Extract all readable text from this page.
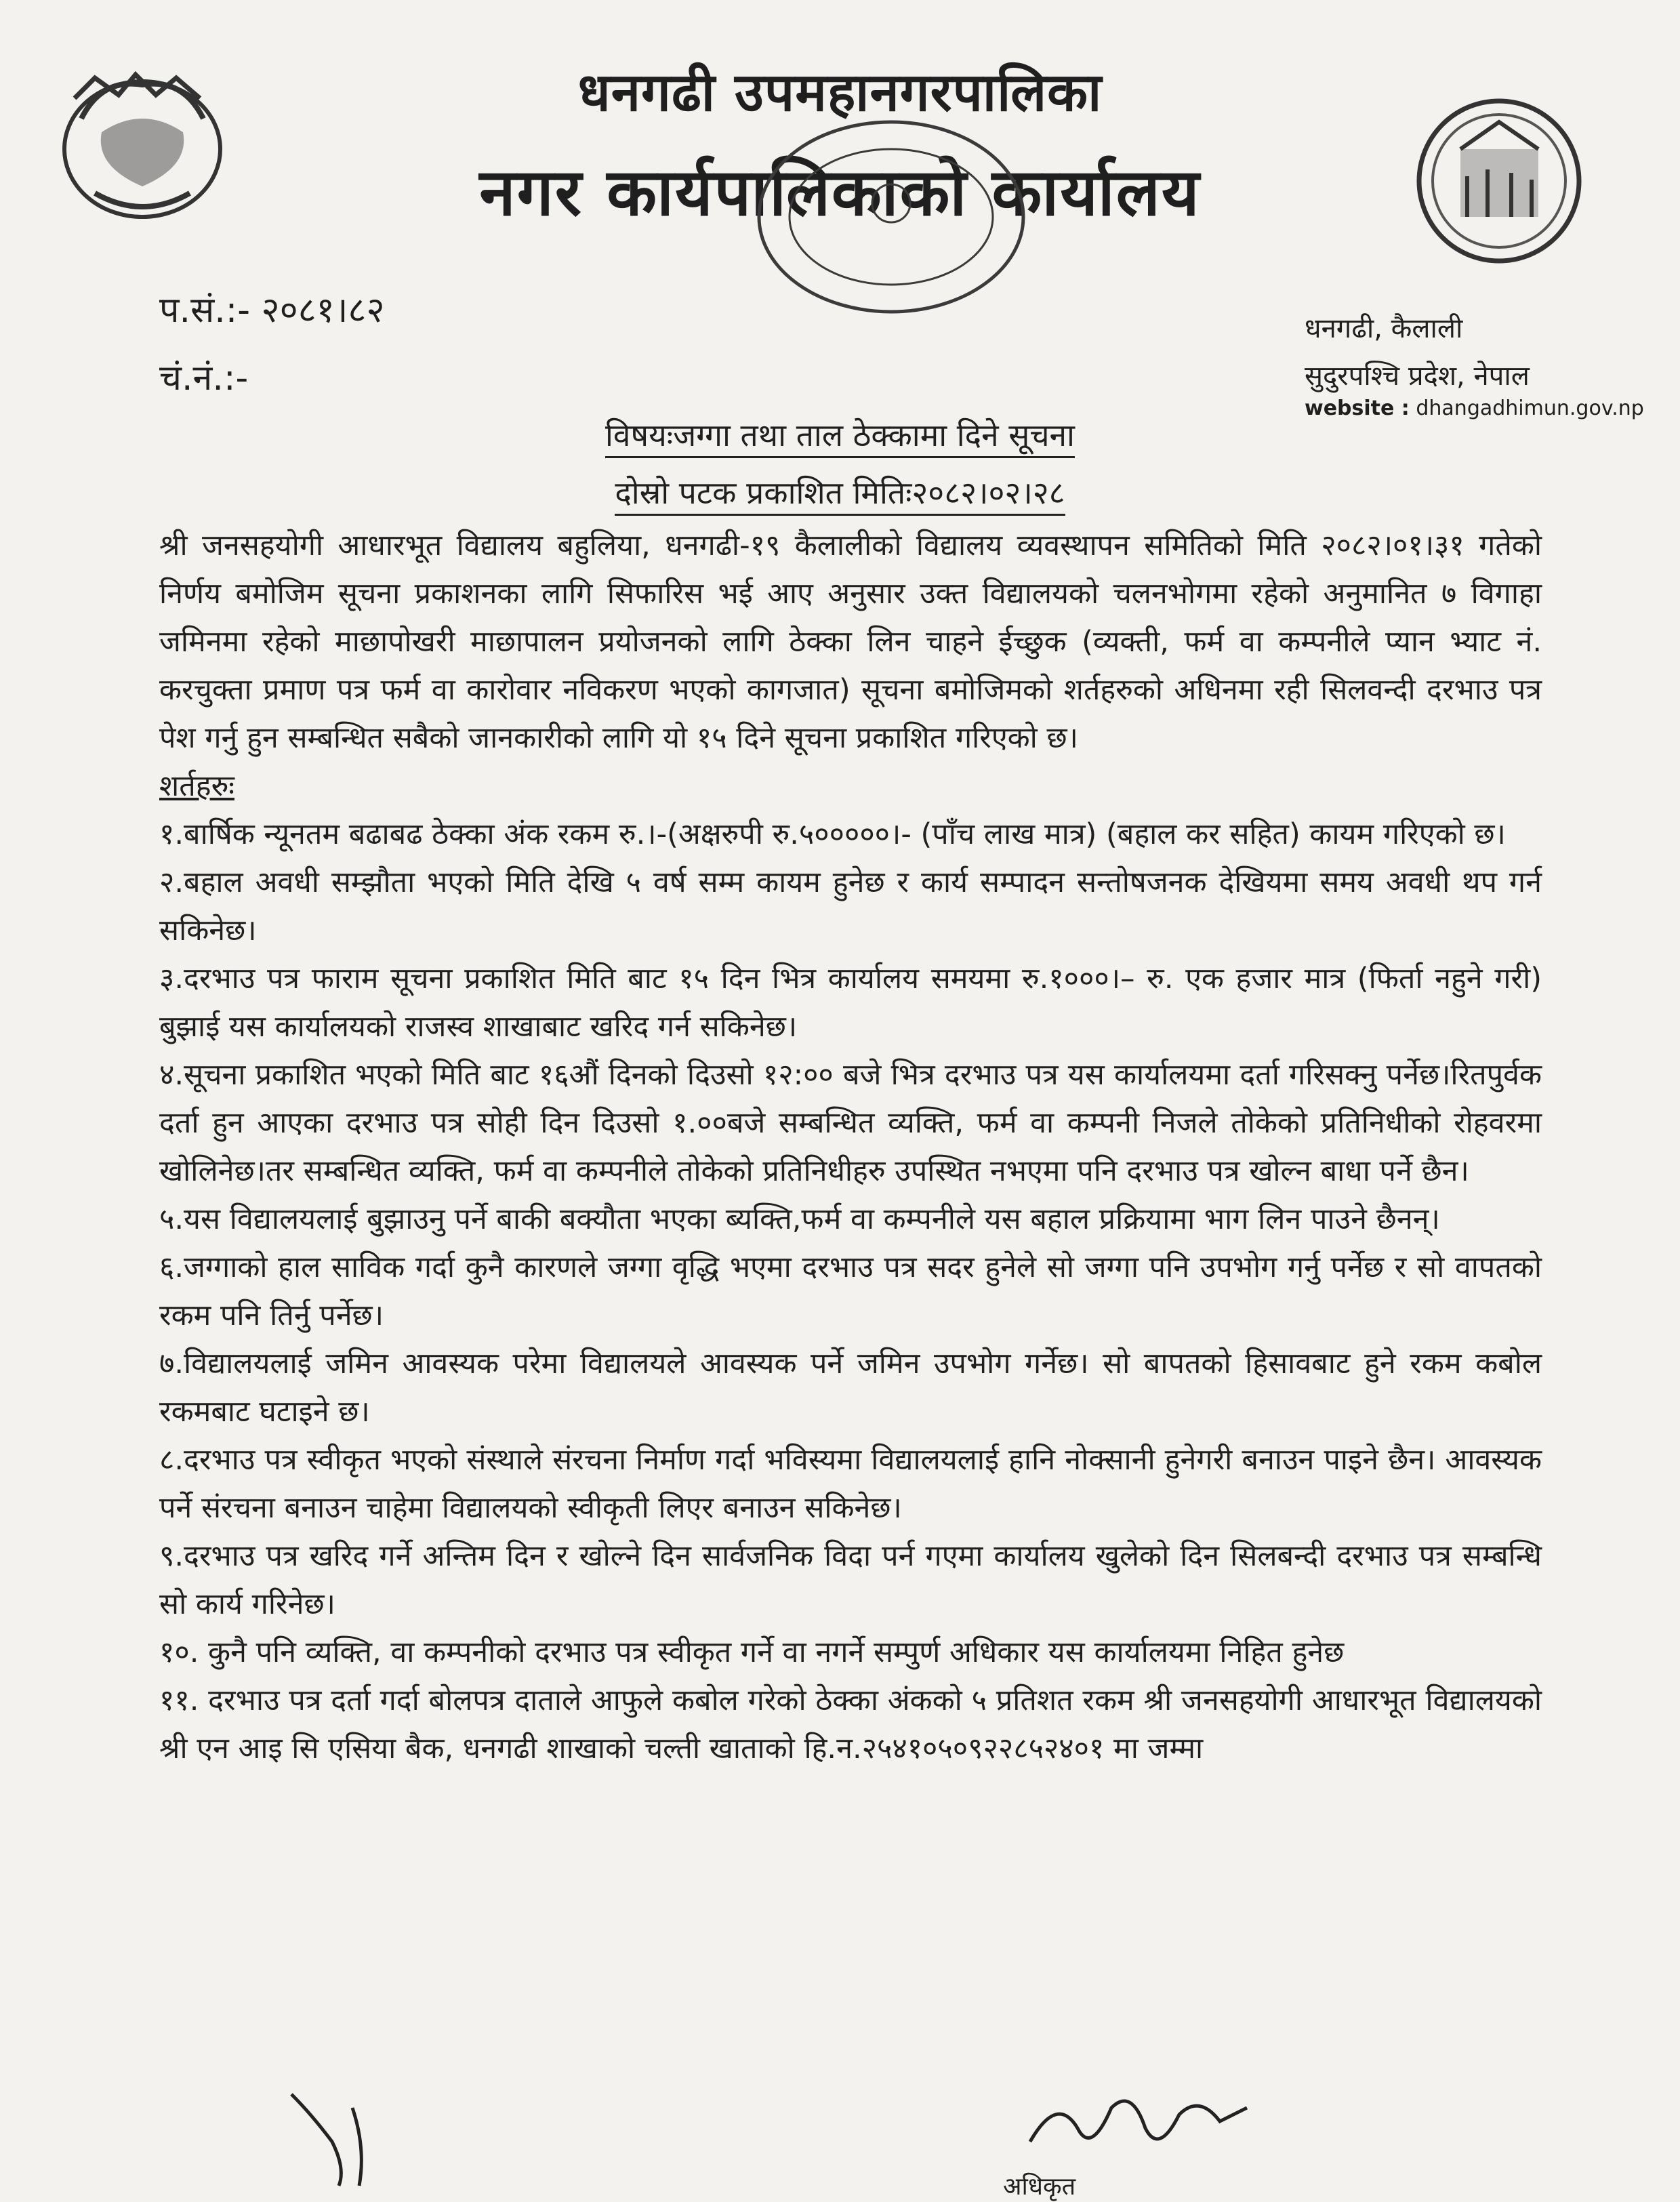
धनगढी उपमहानगरपालिका
नगर कार्यपालिकाको कार्यालय
प.सं.:- २०८१।८२
चं.नं.:-
धनगढी, कैलाली
सुदुरपश्चि प्रदेश, नेपाल
website : dhangadhimun.gov.np
विषयःजग्गा तथा ताल ठेक्कामा दिने सूचना
दोस्रो पटक प्रकाशित मितिः२०८२।०२।२८

श्री जनसहयोगी आधारभूत विद्यालय बहुलिया, धनगढी-१९ कैलालीको विद्यालय व्यवस्थापन समितिको मिति २०८२।०१।३१ गतेको निर्णय बमोजिम सूचना प्रकाशनका लागि सिफारिस भई आए अनुसार उक्त विद्यालयको चलनभोगमा रहेको अनुमानित ७ विगाहा जमिनमा रहेको माछापोखरी माछापालन प्रयोजनको लागि ठेक्का लिन चाहने ईच्छुक (व्यक्ती, फर्म वा कम्पनीले प्यान भ्याट नं. करचुक्ता प्रमाण पत्र फर्म वा कारोवार नविकरण भएको कागजात) सूचना बमोजिमको शर्तहरुको अधिनमा रही सिलवन्दी दरभाउ पत्र पेश गर्नु हुन सम्बन्धित सबैको जानकारीको लागि यो १५ दिने सूचना प्रकाशित गरिएको छ।

शर्तहरुः

१.बार्षिक न्यूनतम बढाबढ ठेक्का अंक रकम रु.।-(अक्षरुपी रु.५०००००।- (पाँच लाख मात्र) (बहाल कर सहित) कायम गरिएको छ।

२.बहाल अवधी सम्झौता भएको मिति देखि ५ वर्ष सम्म कायम हुनेछ र कार्य सम्पादन सन्तोषजनक देखियमा समय अवधी थप गर्न सकिनेछ।

३.दरभाउ पत्र फाराम सूचना प्रकाशित मिति बाट १५ दिन भित्र कार्यालय समयमा रु.१०००।– रु. एक हजार मात्र (फिर्ता नहुने गरी) बुझाई यस कार्यालयको राजस्व शाखाबाट खरिद गर्न सकिनेछ।

४.सूचना प्रकाशित भएको मिति बाट १६औं दिनको दिउसो १२:०० बजे भित्र दरभाउ पत्र यस कार्यालयमा दर्ता गरिसक्नु पर्नेछ।रितपुर्वक दर्ता हुन आएका दरभाउ पत्र सोही दिन दिउसो १.००बजे सम्बन्धित व्यक्ति, फर्म वा कम्पनी निजले तोकेको प्रतिनिधीको रोहवरमा खोलिनेछ।तर सम्बन्धित व्यक्ति, फर्म वा कम्पनीले तोकेको प्रतिनिधीहरु उपस्थित नभएमा पनि दरभाउ पत्र खोल्न बाधा पर्ने छैन।

५.यस विद्यालयलाई बुझाउनु पर्ने बाकी बक्यौता भएका ब्यक्ति,फर्म वा कम्पनीले यस बहाल प्रक्रियामा भाग लिन पाउने छैनन्।

६.जग्गाको हाल साविक गर्दा कुनै कारणले जग्गा वृद्धि भएमा दरभाउ पत्र सदर हुनेले सो जग्गा पनि उपभोग गर्नु पर्नेछ र सो वापतको रकम पनि तिर्नु पर्नेछ।

७.विद्यालयलाई जमिन आवस्यक परेमा विद्यालयले आवस्यक पर्ने जमिन उपभोग गर्नेछ। सो बापतको हिसावबाट हुने रकम कबोल रकमबाट घटाइने छ।

८.दरभाउ पत्र स्वीकृत भएको संस्थाले संरचना निर्माण गर्दा भविस्यमा विद्यालयलाई हानि नोक्सानी हुनेगरी बनाउन पाइने छैन। आवस्यक पर्ने संरचना बनाउन चाहेमा विद्यालयको स्वीकृती लिएर बनाउन सकिनेछ।

९.दरभाउ पत्र खरिद गर्ने अन्तिम दिन र खोल्ने दिन सार्वजनिक विदा पर्न गएमा कार्यालय खुलेको दिन सिलबन्दी दरभाउ पत्र सम्बन्धि सो कार्य गरिनेछ।

१०. कुनै पनि व्यक्ति, वा कम्पनीको दरभाउ पत्र स्वीकृत गर्ने वा नगर्ने सम्पुर्ण अधिकार यस कार्यालयमा निहित हुनेछ

११. दरभाउ पत्र दर्ता गर्दा बोलपत्र दाताले आफुले कबोल गरेको ठेक्का अंकको ५ प्रतिशत रकम श्री जनसहयोगी आधारभूत विद्यालयको श्री एन आइ सि एसिया बैक, धनगढी शाखाको चल्ती खाताको हि.न.२५४१०५०९२२८५२४०१ मा जम्मा

अधिकृत
